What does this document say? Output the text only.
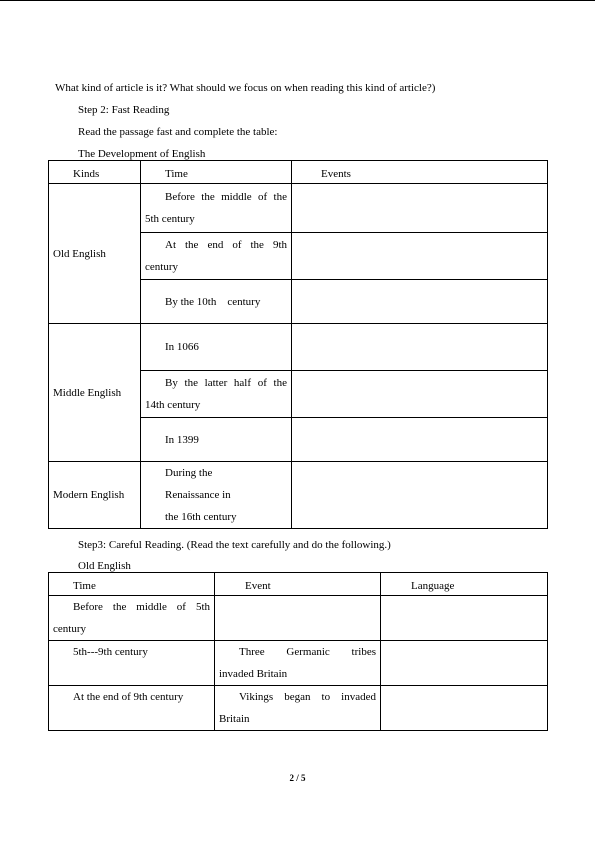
What kind of article is it? What should we focus on when reading this kind of article?)
Step 2: Fast Reading
Read the passage fast and complete the table:
The Development of English
Kinds	Time	Events
Old English	Before the middle of the
5th century	

	At the end of the 9th
century	

	By the 10th    century	
Middle English	In 1066	

	By the latter half of the
14th century	

	In 1399	
Modern English	During the
Renaissance in
the 16th century	

Step3: Careful Reading. (Read the text carefully and do the following.)
Old English
Time	Event	Language

Before the middle of 5th
century		

5th---9th century	Three Germanic tribes
invaded Britain	

At the end of 9th century	Vikings began to invaded
Britain	

2 / 5
